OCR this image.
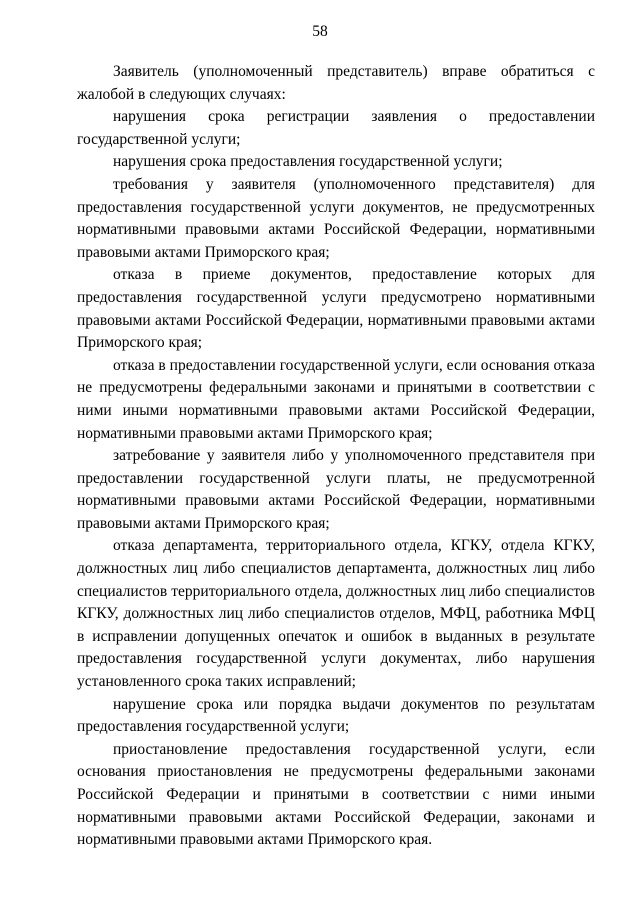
58

Заявитель (уполномоченный представитель) вправе обратиться с жалобой в следующих случаях:

нарушения срока регистрации заявления о предоставлении государственной услуги;

нарушения срока предоставления государственной услуги;

требования у заявителя (уполномоченного представителя) для предоставления государственной услуги документов, не предусмотренных нормативными правовыми актами Российской Федерации, нормативными правовыми актами Приморского края;

отказа в приеме документов, предоставление которых для предоставления государственной услуги предусмотрено нормативными правовыми актами Российской Федерации, нормативными правовыми актами Приморского края;

отказа в предоставлении государственной услуги, если основания отказа не предусмотрены федеральными законами и принятыми в соответствии с ними иными нормативными правовыми актами Российской Федерации, нормативными правовыми актами Приморского края;

затребование у заявителя либо у уполномоченного представителя при предоставлении государственной услуги платы, не предусмотренной нормативными правовыми актами Российской Федерации, нормативными правовыми актами Приморского края;

отказа департамента, территориального отдела, КГКУ, отдела КГКУ, должностных лиц либо специалистов департамента, должностных лиц либо специалистов территориального отдела, должностных лиц либо специалистов КГКУ, должностных лиц либо специалистов отделов, МФЦ, работника МФЦ в исправлении допущенных опечаток и ошибок в выданных в результате предоставления государственной услуги документах, либо нарушения установленного срока таких исправлений;

нарушение срока или порядка выдачи документов по результатам предоставления государственной услуги;

приостановление предоставления государственной услуги, если основания приостановления не предусмотрены федеральными законами Российской Федерации и принятыми в соответствии с ними иными нормативными правовыми актами Российской Федерации, законами и нормативными правовыми актами Приморского края.
